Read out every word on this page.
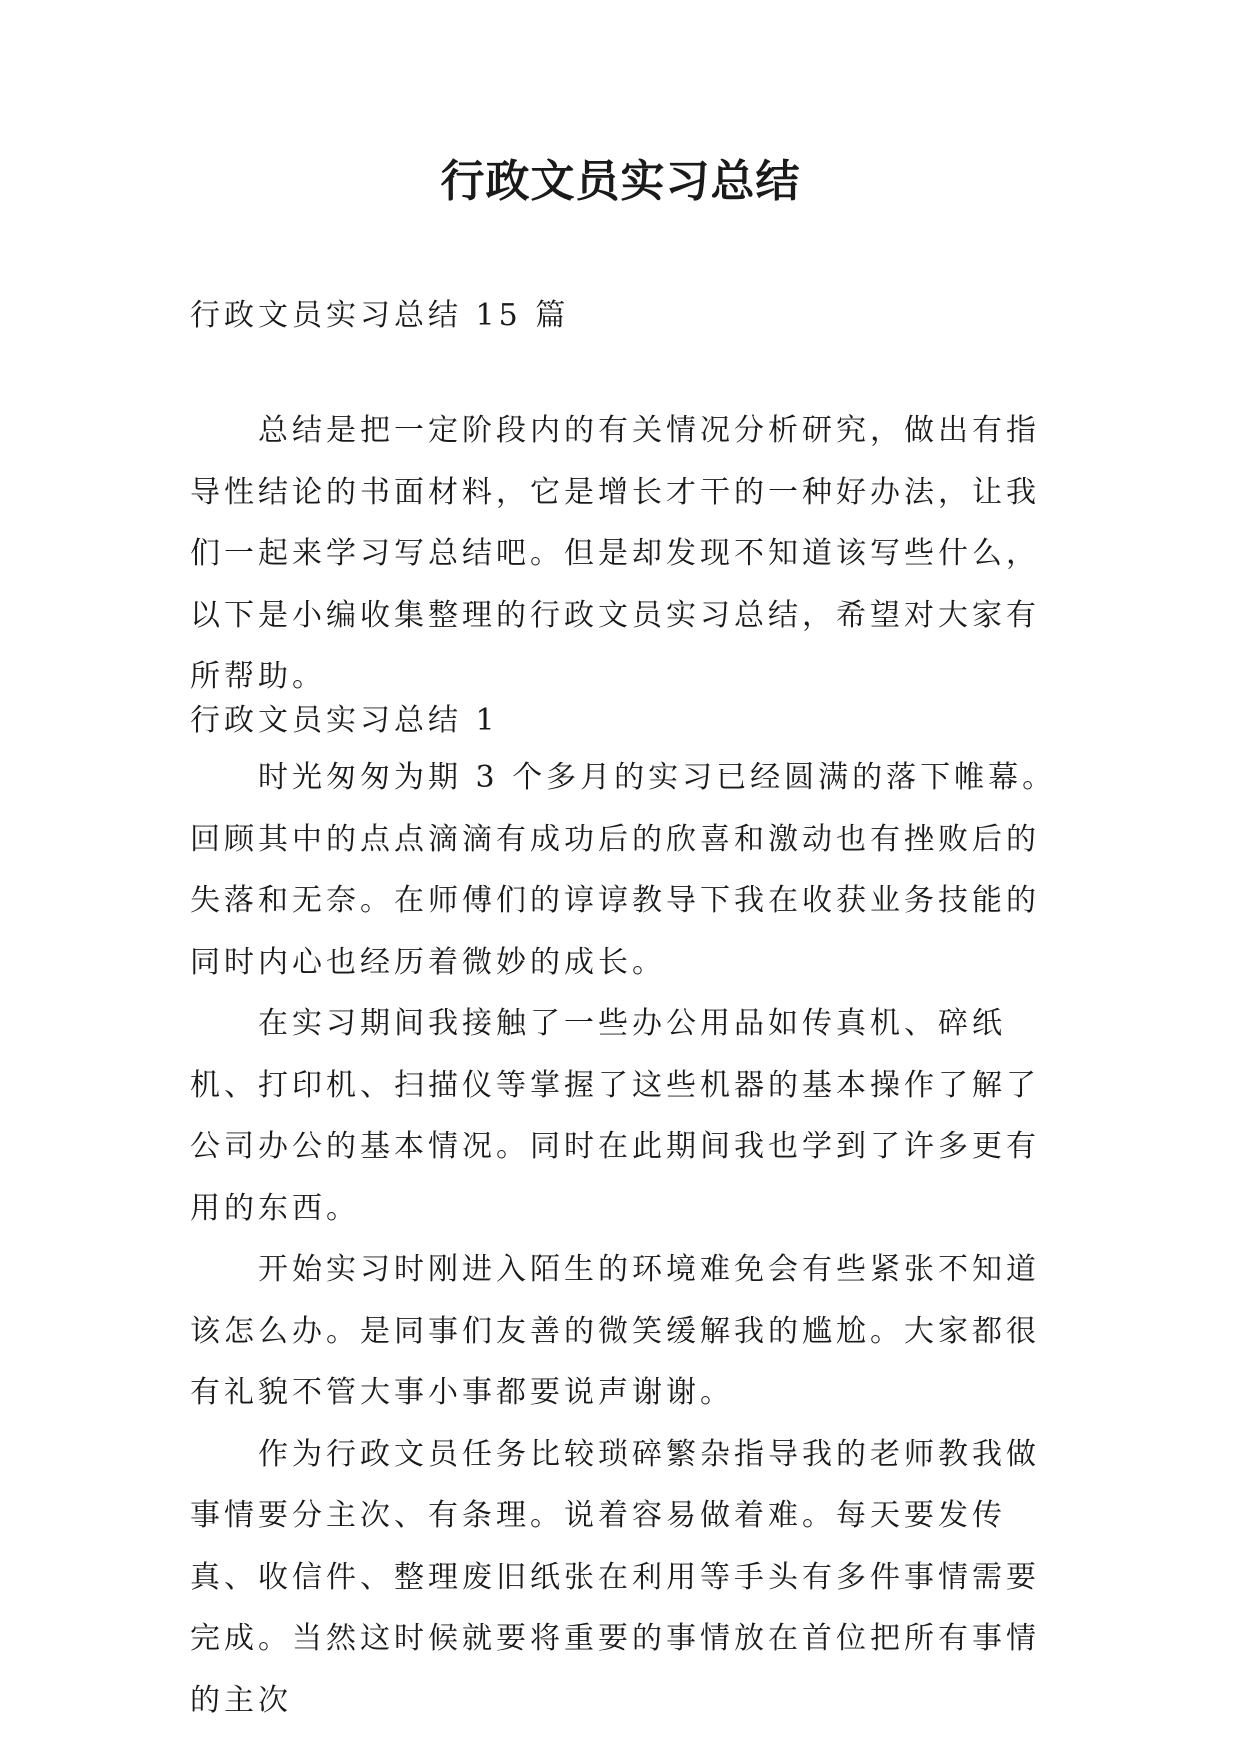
行政文员实习总结

行政文员实习总结 15 篇

总结是把一定阶段内的有关情况分析研究，做出有指导性结论的书面材料，它是增长才干的一种好办法，让我们一起来学习写总结吧。但是却发现不知道该写些什么，以下是小编收集整理的行政文员实习总结，希望对大家有所帮助。

行政文员实习总结 1

时光匆匆为期 3 个多月的实习已经圆满的落下帷幕。回顾其中的点点滴滴有成功后的欣喜和激动也有挫败后的失落和无奈。在师傅们的谆谆教导下我在收获业务技能的同时内心也经历着微妙的成长。

在实习期间我接触了一些办公用品如传真机、碎纸机、打印机、扫描仪等掌握了这些机器的基本操作了解了公司办公的基本情况。同时在此期间我也学到了许多更有用的东西。

开始实习时刚进入陌生的环境难免会有些紧张不知道该怎么办。是同事们友善的微笑缓解我的尴尬。大家都很有礼貌不管大事小事都要说声谢谢。

作为行政文员任务比较琐碎繁杂指导我的老师教我做事情要分主次、有条理。说着容易做着难。每天要发传真、收信件、整理废旧纸张在利用等手头有多件事情需要完成。当然这时候就要将重要的事情放在首位把所有事情的主次
